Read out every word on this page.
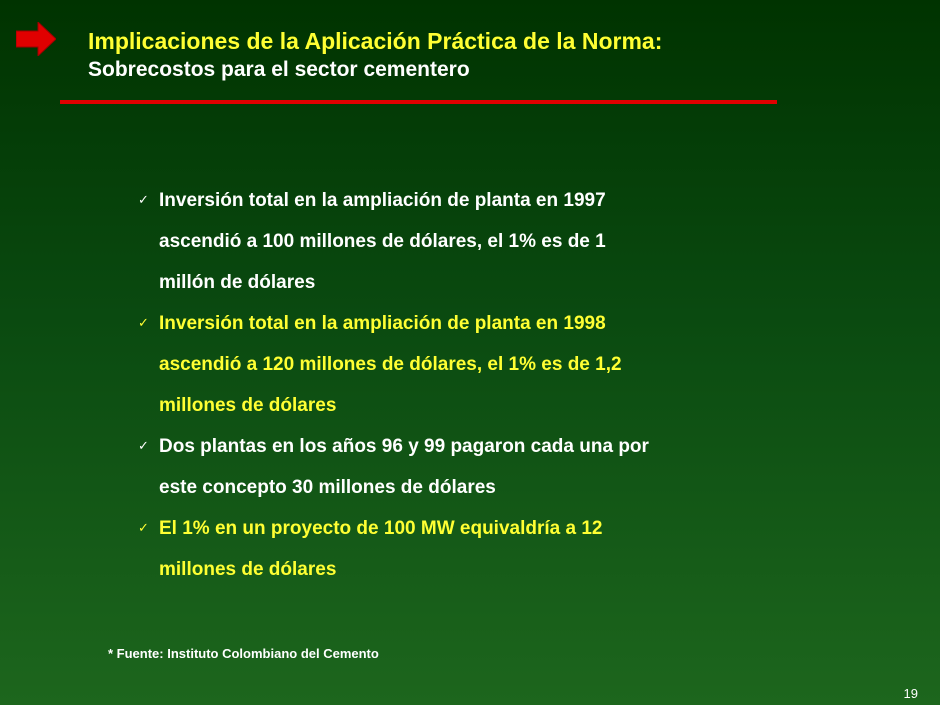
Implicaciones de la Aplicación Práctica de la Norma:
Sobrecostos para el sector cementero
✓ Inversión total en la ampliación de planta en 1997
ascendió a 100 millones de dólares, el 1% es de 1
millón de dólares
✓ Inversión total en la ampliación de planta en 1998
ascendió a 120 millones de dólares, el 1% es de 1,2
millones de dólares
✓ Dos plantas en los años 96 y 99 pagaron cada una por
este concepto 30 millones de dólares
✓ El 1% en un proyecto de 100 MW equivaldría a 12
millones de dólares
* Fuente: Instituto Colombiano del Cemento
19
